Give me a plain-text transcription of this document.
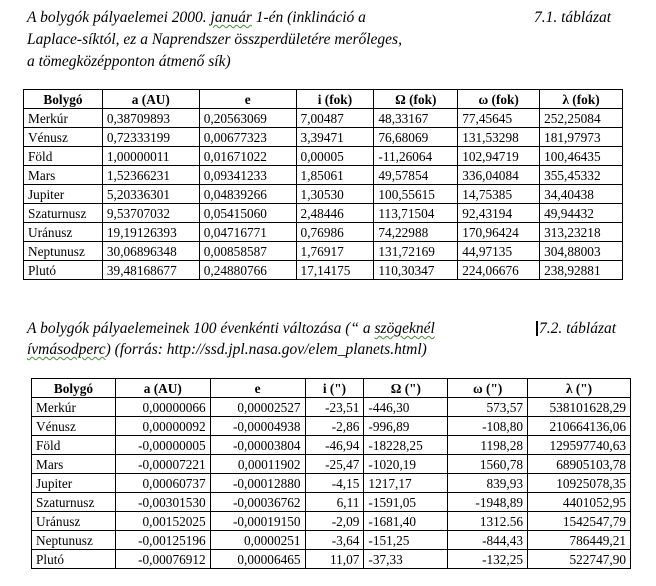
A bolygók pályaelemei 2000. január 1-én (inklináció a	7.1. táblázat
Laplace-síktól, ez a Naprendszer összperdületére merőleges,
a tömegközépponton átmenő sík)
Bolygó	a (AU)	e	i (fok)	Ω (fok)	ω (fok)	λ (fok)
Merkúr	0,38709893	0,20563069	7,00487	48,33167	77,45645	252,25084
Vénusz	0,72333199	0,00677323	3,39471	76,68069	131,53298	181,97973
Föld	1,00000011	0,01671022	0,00005	-11,26064	102,94719	100,46435
Mars	1,52366231	0,09341233	1,85061	49,57854	336,04084	355,45332
Jupiter	5,20336301	0,04839266	1,30530	100,55615	14,75385	34,40438
Szaturnusz	9,53707032	0,05415060	2,48446	113,71504	92,43194	49,94432
Uránusz	19,19126393	0,04716771	0,76986	74,22988	170,96424	313,23218
Neptunusz	30,06896348	0,00858587	1,76917	131,72169	44,97135	304,88003
Plutó	39,48168677	0,24880766	17,14175	110,30347	224,06676	238,92881
A bolygók pályaelemeinek 100 évenkénti változása (“ a szögeknél	7.2. táblázat
ívmásodperc) (forrás: http://ssd.jpl.nasa.gov/elem_planets.html)
Bolygó	a (AU)	e	i (")	Ω (")	ω (")	λ (")
Merkúr	0,00000066	0,00002527	-23,51	-446,30	573,57	538101628,29
Vénusz	0,00000092	-0,00004938	-2,86	-996,89	-108,80	210664136,06
Föld	-0,00000005	-0,00003804	-46,94	-18228,25	1198,28	129597740,63
Mars	-0,00007221	0,00011902	-25,47	-1020,19	1560,78	68905103,78
Jupiter	0,00060737	-0,00012880	-4,15	1217,17	839,93	10925078,35
Szaturnusz	-0,00301530	-0,00036762	6,11	-1591,05	-1948,89	4401052,95
Uránusz	0,00152025	-0,00019150	-2,09	-1681,40	1312.56	1542547,79
Neptunusz	-0,00125196	0,0000251	-3,64	-151,25	-844,43	786449,21
Plutó	-0,00076912	0,00006465	11,07	-37,33	-132,25	522747,90
